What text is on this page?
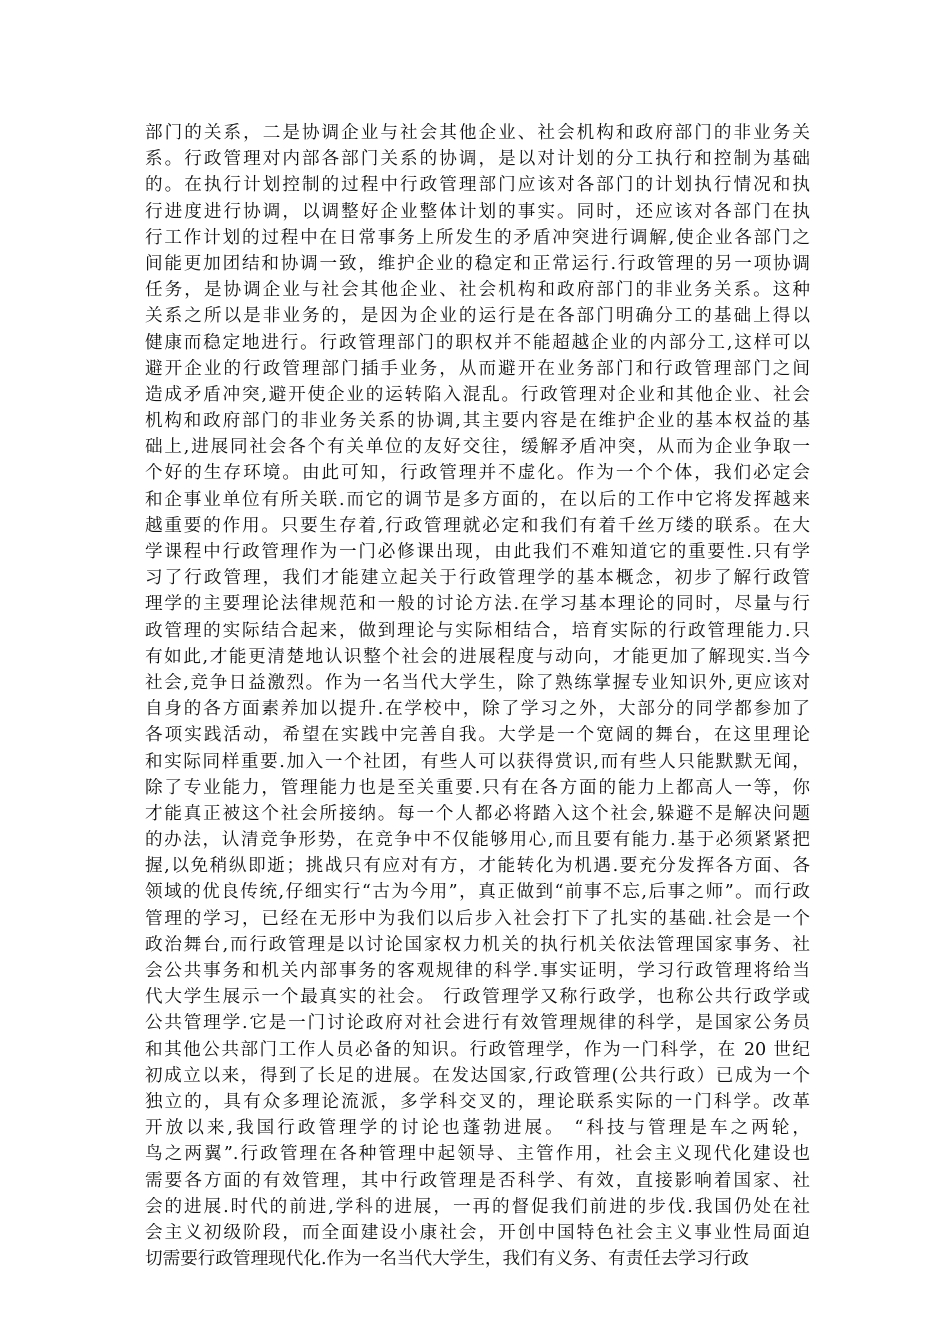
部门的关系，二是协调企业与社会其他企业、社会机构和政府部门的非业务关
系。行政管理对内部各部门关系的协调，是以对计划的分工执行和控制为基础
的。在执行计划控制的过程中行政管理部门应该对各部门的计划执行情况和执
行进度进行协调，以调整好企业整体计划的事实。同时，还应该对各部门在执
行工作计划的过程中在日常事务上所发生的矛盾冲突进行调解,使企业各部门之
间能更加团结和协调一致，维护企业的稳定和正常运行.行政管理的另一项协调
任务，是协调企业与社会其他企业、社会机构和政府部门的非业务关系。这种
关系之所以是非业务的，是因为企业的运行是在各部门明确分工的基础上得以
健康而稳定地进行。行政管理部门的职权并不能超越企业的内部分工,这样可以
避开企业的行政管理部门插手业务，从而避开在业务部门和行政管理部门之间
造成矛盾冲突,避开使企业的运转陷入混乱。行政管理对企业和其他企业、社会
机构和政府部门的非业务关系的协调,其主要内容是在维护企业的基本权益的基
础上,进展同社会各个有关单位的友好交往，缓解矛盾冲突，从而为企业争取一
个好的生存环境。由此可知，行政管理并不虚化。作为一个个体，我们必定会
和企事业单位有所关联.而它的调节是多方面的，在以后的工作中它将发挥越来
越重要的作用。只要生存着,行政管理就必定和我们有着千丝万缕的联系。在大
学课程中行政管理作为一门必修课出现，由此我们不难知道它的重要性.只有学
习了行政管理，我们才能建立起关于行政管理学的基本概念，初步了解行政管
理学的主要理论法律规范和一般的讨论方法.在学习基本理论的同时，尽量与行
政管理的实际结合起来，做到理论与实际相结合，培育实际的行政管理能力.只
有如此,才能更清楚地认识整个社会的进展程度与动向，才能更加了解现实.当今
社会,竞争日益激烈。作为一名当代大学生，除了熟练掌握专业知识外,更应该对
自身的各方面素养加以提升.在学校中，除了学习之外，大部分的同学都参加了
各项实践活动，希望在实践中完善自我。大学是一个宽阔的舞台，在这里理论
和实际同样重要.加入一个社团，有些人可以获得赏识,而有些人只能默默无闻，
除了专业能力，管理能力也是至关重要.只有在各方面的能力上都高人一等，你
才能真正被这个社会所接纳。每一个人都必将踏入这个社会,躲避不是解决问题
的办法，认清竞争形势，在竞争中不仅能够用心,而且要有能力.基于必须紧紧把
握,以免稍纵即逝；挑战只有应对有方，才能转化为机遇.要充分发挥各方面、各
领域的优良传统,仔细实行“古为今用”，真正做到“前事不忘,后事之师”。而行政
管理的学习，已经在无形中为我们以后步入社会打下了扎实的基础.社会是一个
政治舞台,而行政管理是以讨论国家权力机关的执行机关依法管理国家事务、社
会公共事务和机关内部事务的客观规律的科学.事实证明，学习行政管理将给当
代大学生展示一个最真实的社会。 行政管理学又称行政学，也称公共行政学或
公共管理学.它是一门讨论政府对社会进行有效管理规律的科学，是国家公务员
和其他公共部门工作人员必备的知识。行政管理学，作为一门科学，在 20 世纪
初成立以来，得到了长足的进展。在发达国家,行政管理(公共行政）已成为一个
独立的，具有众多理论流派，多学科交叉的，理论联系实际的一门科学。改革
开放以来,我国行政管理学的讨论也蓬勃进展。 “科技与管理是车之两轮，
鸟之两翼”.行政管理在各种管理中起领导、主管作用，社会主义现代化建设也
需要各方面的有效管理，其中行政管理是否科学、有效，直接影响着国家、社
会的进展.时代的前进,学科的进展，一再的督促我们前进的步伐.我国仍处在社
会主义初级阶段，而全面建设小康社会，开创中国特色社会主义事业性局面迫
切需要行政管理现代化.作为一名当代大学生，我们有义务、有责任去学习行政
